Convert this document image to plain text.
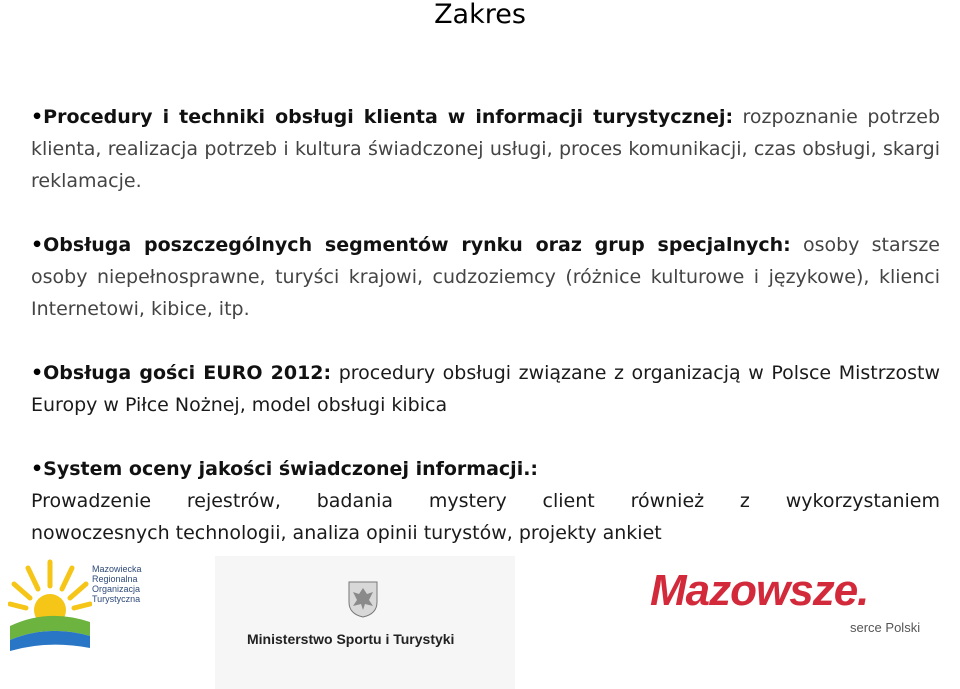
Zakres
•Procedury i techniki obsługi klienta w informacji turystycznej: rozpoznanie potrzeb klienta, realizacja potrzeb i kultura świadczonej usługi, proces komunikacji, czas obsługi, skargi reklamacje.
•Obsługa poszczególnych segmentów rynku oraz grup specjalnych: osoby starsze osoby niepełnosprawne, turyści krajowi, cudzoziemcy (różnice kulturowe i językowe), klienci Internetowi, kibice, itp.
•Obsługa gości EURO 2012: procedury obsługi związane z organizacją w Polsce Mistrzostw Europy w Piłce Nożnej, model obsługi kibica
•System oceny jakości świadczonej informacji.:
Prowadzenie rejestrów, badania mystery client również z wykorzystaniem
nowoczesnych technologii, analiza opinii turystów, projekty ankiet
Mazowiecka
Regionalna
Organizacja
Turystyczna
Ministerstwo Sportu i Turystyki
Mazowsze.
serce Polski
